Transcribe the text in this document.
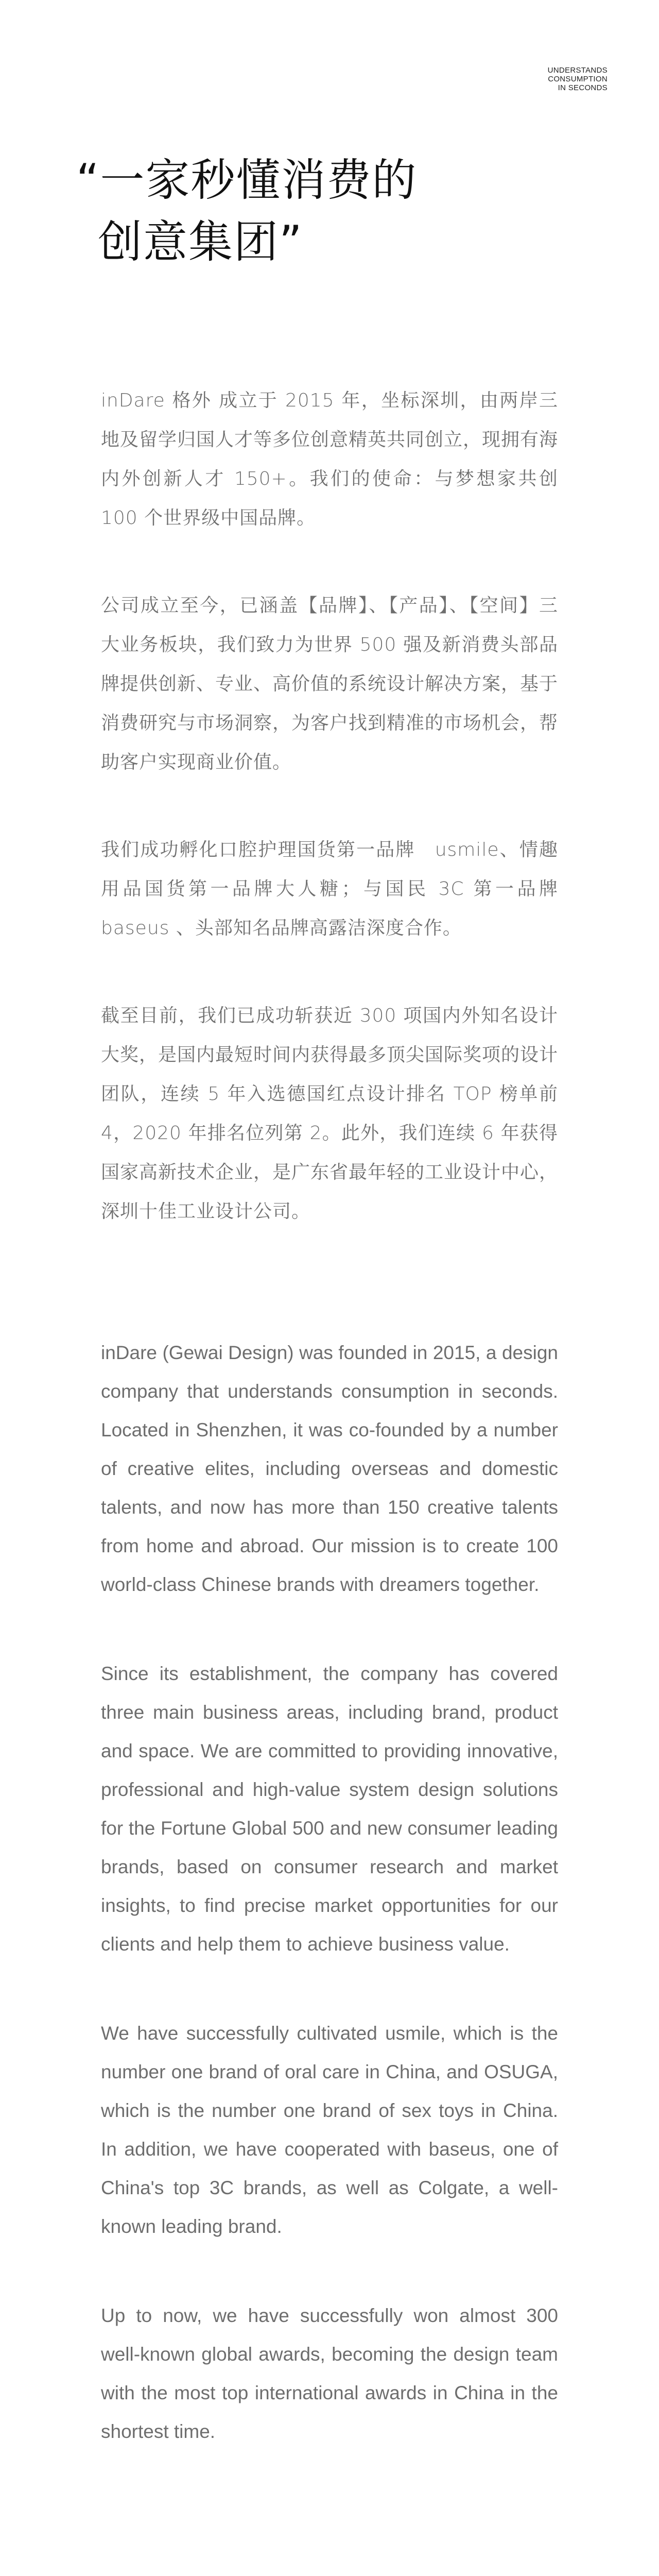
UNDERSTANDS
CONSUMPTION
IN SECONDS
“一家秒懂消费的
创意集团”

inDare 格外 成立于 2015 年，坐标深圳，由两岸三地及留学归国人才等多位创意精英共同创立，现拥有海内外创新人才 150+。我们的使命：与梦想家共创 100 个世界级中国品牌。

公司成立至今，已涵盖【品牌】、【产品】、【空间】三大业务板块，我们致力为世界 500 强及新消费头部品牌提供创新、专业、高价值的系统设计解决方案，基于消费研究与市场洞察，为客户找到精准的市场机会，帮助客户实现商业价值。

我们成功孵化口腔护理国货第一品牌　usmile、情趣用品国货第一品牌大人糖；与国民 3C 第一品牌 baseus 、头部知名品牌高露洁深度合作。

截至目前，我们已成功斩获近 300 项国内外知名设计大奖，是国内最短时间内获得最多顶尖国际奖项的设计团队，连续 5 年入选德国红点设计排名 TOP 榜单前 4，2020 年排名位列第 2。此外，我们连续 6 年获得国家高新技术企业，是广东省最年轻的工业设计中心，深圳十佳工业设计公司。

inDare (Gewai Design) was founded in 2015, a design company that understands consumption in seconds. Located in Shenzhen, it was co-founded by a number of creative elites, including overseas and domestic talents, and now has more than 150 creative talents from home and abroad. Our mission is to create 100 world-class Chinese brands with dreamers together.

Since its establishment, the company has covered three main business areas, including brand, product and space. We are committed to providing innovative, professional and high-value system design solutions for the Fortune Global 500 and new consumer leading brands, based on consumer research and market insights, to find precise market opportunities for our clients and help them to achieve business value.

We have successfully cultivated usmile, which is the number one brand of oral care in China, and OSUGA, which is the number one brand of sex toys in China. In addition, we have cooperated with baseus, one of China's top 3C brands, as well as Colgate, a well-known leading brand.

Up to now, we have successfully won almost 300 well-known global awards, becoming the design team with the most top international awards in China in the shortest time.
